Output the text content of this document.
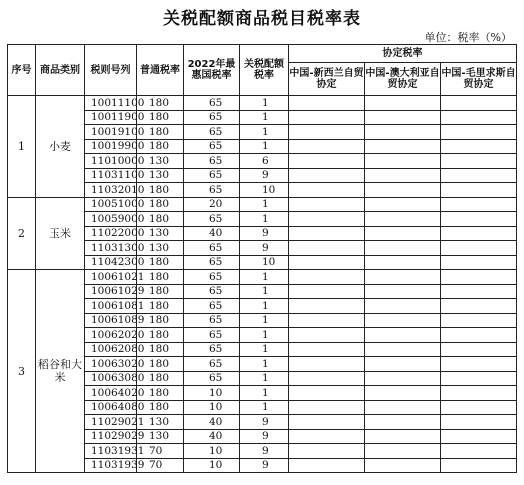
关税配额商品税目税率表
单位：税率（%）
序号	商品类别	税则号列	普通税率	2022年最惠国税率	关税配额税率	协定税率		
						中国-新西兰自贸协定	中国-澳大利亚自贸协定	中国-毛里求斯自贸协定
1	小麦	10011100	180	65	1			
		10011900	180	65	1			
		10019100	180	65	1			
		10019900	180	65	1			
		11010000	130	65	6			
		11031100	130	65	9			
		11032010	180	65	10			
2	玉米	10051000	180	20	1			
		10059000	180	65	1			
		11022000	130	40	9			
		11031300	130	65	9			
		11042300	180	65	10			
3	稻谷和大米	10061021	180	65	1			
		10061029	180	65	1			
		10061081	180	65	1			
		10061089	180	65	1			
		10062020	180	65	1			
		10062080	180	65	1			
		10063020	180	65	1			
		10063080	180	65	1			
		10064020	180	10	1			
		10064080	180	10	1			
		11029021	130	40	9			
		11029029	130	40	9			
		11031931	70	10	9			
		11031939	70	10	9			
